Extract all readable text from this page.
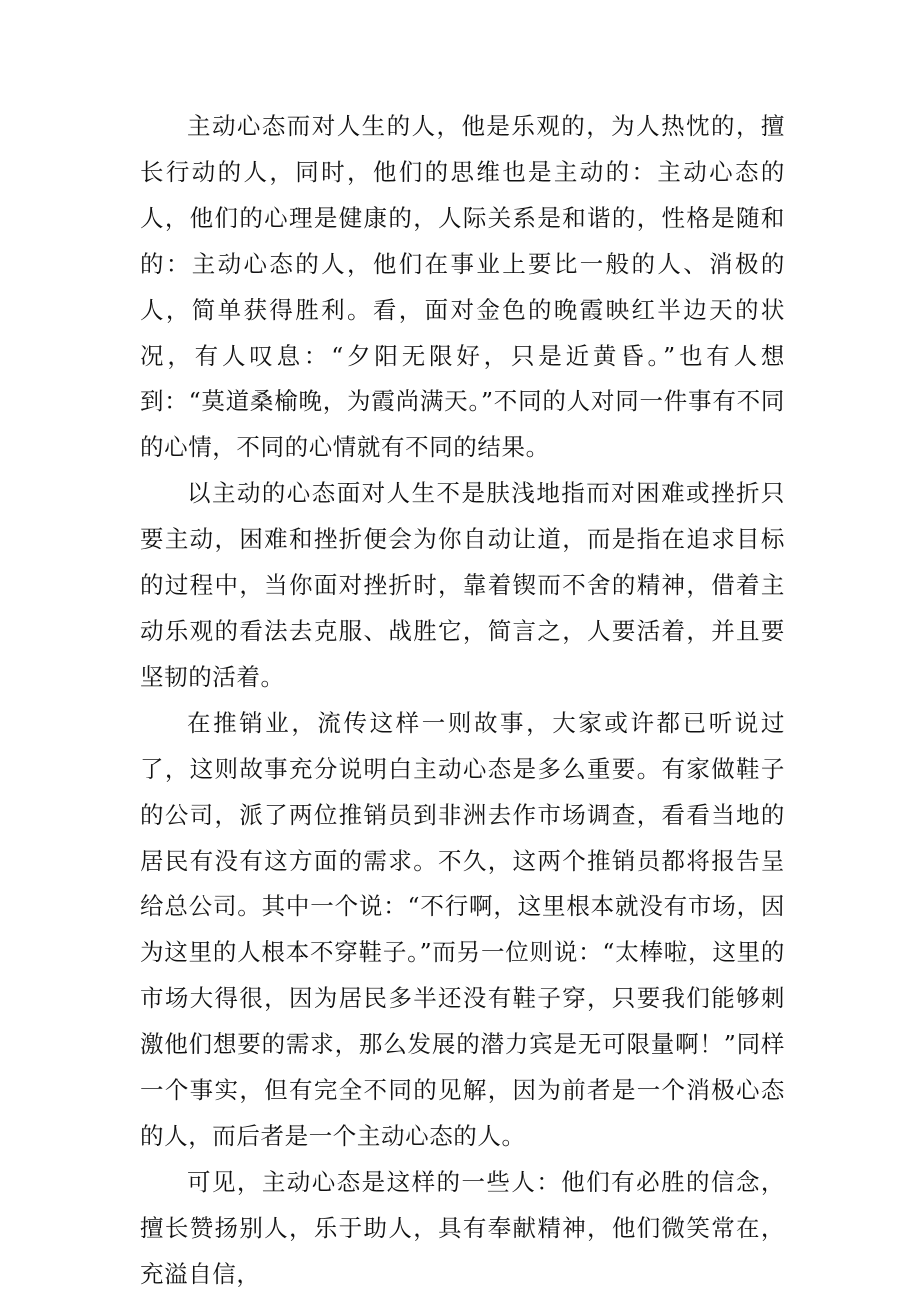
主动心态而对人生的人，他是乐观的，为人热忱的，擅长行动的人，同时，他们的思维也是主动的：主动心态的人，他们的心理是健康的，人际关系是和谐的，性格是随和的：主动心态的人，他们在事业上要比一般的人、消极的人，简单获得胜利。看，面对金色的晚霞映红半边天的状况，有人叹息：“夕阳无限好，只是近黄昏。”也有人想到：“莫道桑榆晚，为霞尚满天。”不同的人对同一件事有不同的心情，不同的心情就有不同的结果。

以主动的心态面对人生不是肤浅地指而对困难或挫折只要主动，困难和挫折便会为你自动让道，而是指在追求目标的过程中，当你面对挫折时，靠着锲而不舍的精神，借着主动乐观的看法去克服、战胜它，简言之，人要活着，并且要坚韧的活着。

在推销业，流传这样一则故事，大家或许都已听说过了，这则故事充分说明白主动心态是多么重要。有家做鞋子的公司，派了两位推销员到非洲去作市场调查，看看当地的居民有没有这方面的需求。不久，这两个推销员都将报告呈给总公司。其中一个说：“不行啊，这里根本就没有市场，因为这里的人根本不穿鞋子。”而另一位则说：“太棒啦，这里的市场大得很，因为居民多半还没有鞋子穿，只要我们能够刺激他们想要的需求，那么发展的潜力宾是无可限量啊！”同样一个事实，但有完全不同的见解，因为前者是一个消极心态的人，而后者是一个主动心态的人。

可见，主动心态是这样的一些人：他们有必胜的信念，擅长赞扬别人，乐于助人，具有奉献精神，他们微笑常在，充溢自信，
